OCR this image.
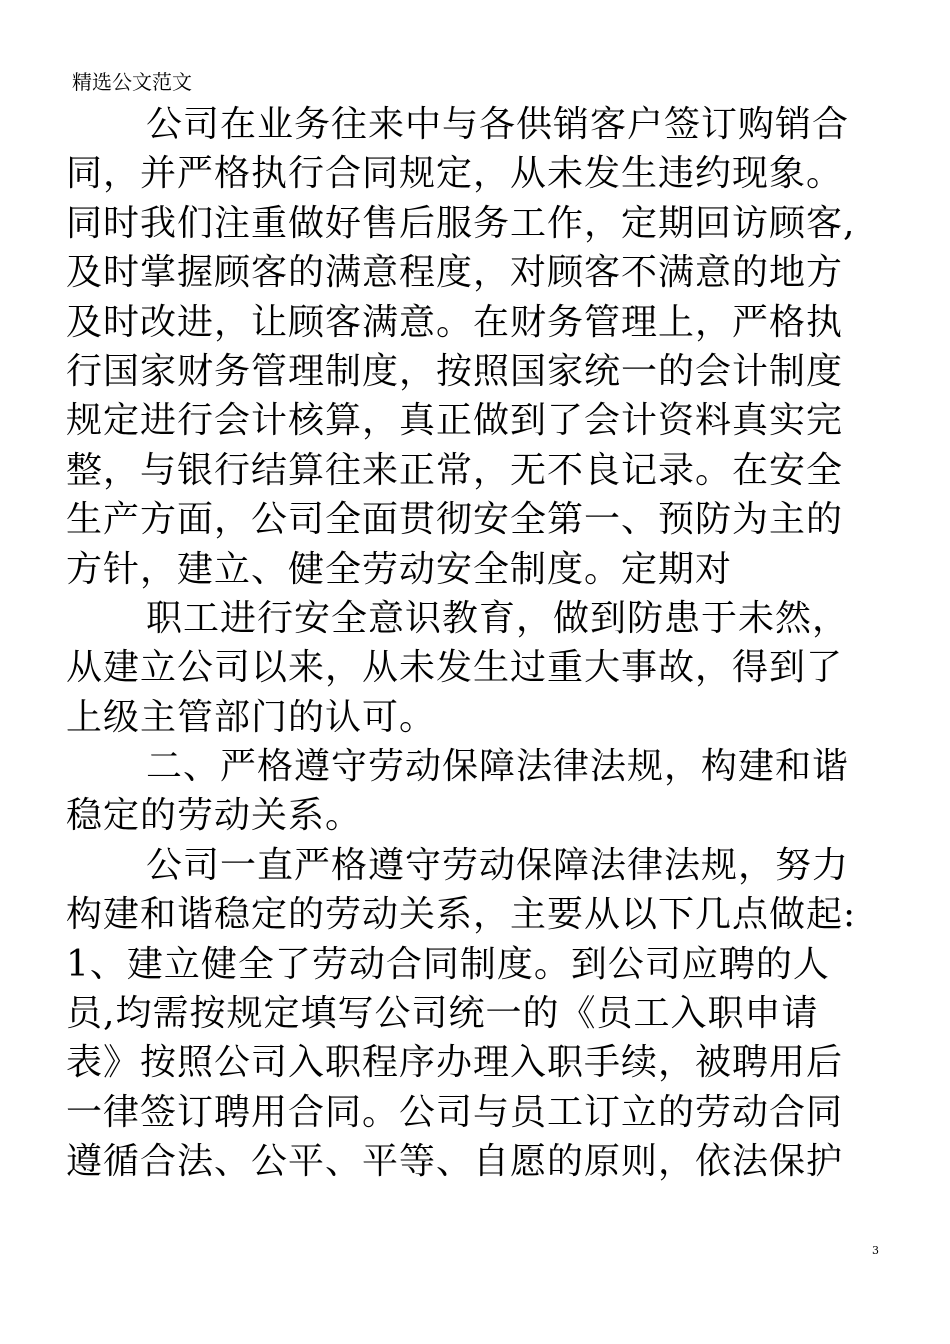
精选公文范文
公司在业务往来中与各供销客户签订购销合
同，并严格执行合同规定，从未发生违约现象。
同时我们注重做好售后服务工作，定期回访顾客,
及时掌握顾客的满意程度，对顾客不满意的地方
及时改进，让顾客满意。在财务管理上，严格执
行国家财务管理制度，按照国家统一的会计制度
规定进行会计核算，真正做到了会计资料真实完
整，与银行结算往来正常，无不良记录。在安全
生产方面，公司全面贯彻安全第一、预防为主的
方针，建立、健全劳动安全制度。定期对
职工进行安全意识教育，做到防患于未然，
从建立公司以来，从未发生过重大事故，得到了
上级主管部门的认可。
二、严格遵守劳动保障法律法规，构建和谐
稳定的劳动关系。
公司一直严格遵守劳动保障法律法规，努力
构建和谐稳定的劳动关系，主要从以下几点做起:
1、建立健全了劳动合同制度。到公司应聘的人
员,均需按规定填写公司统一的《员工入职申请
表》按照公司入职程序办理入职手续，被聘用后
一律签订聘用合同。公司与员工订立的劳动合同
遵循合法、公平、平等、自愿的原则，依法保护
3
